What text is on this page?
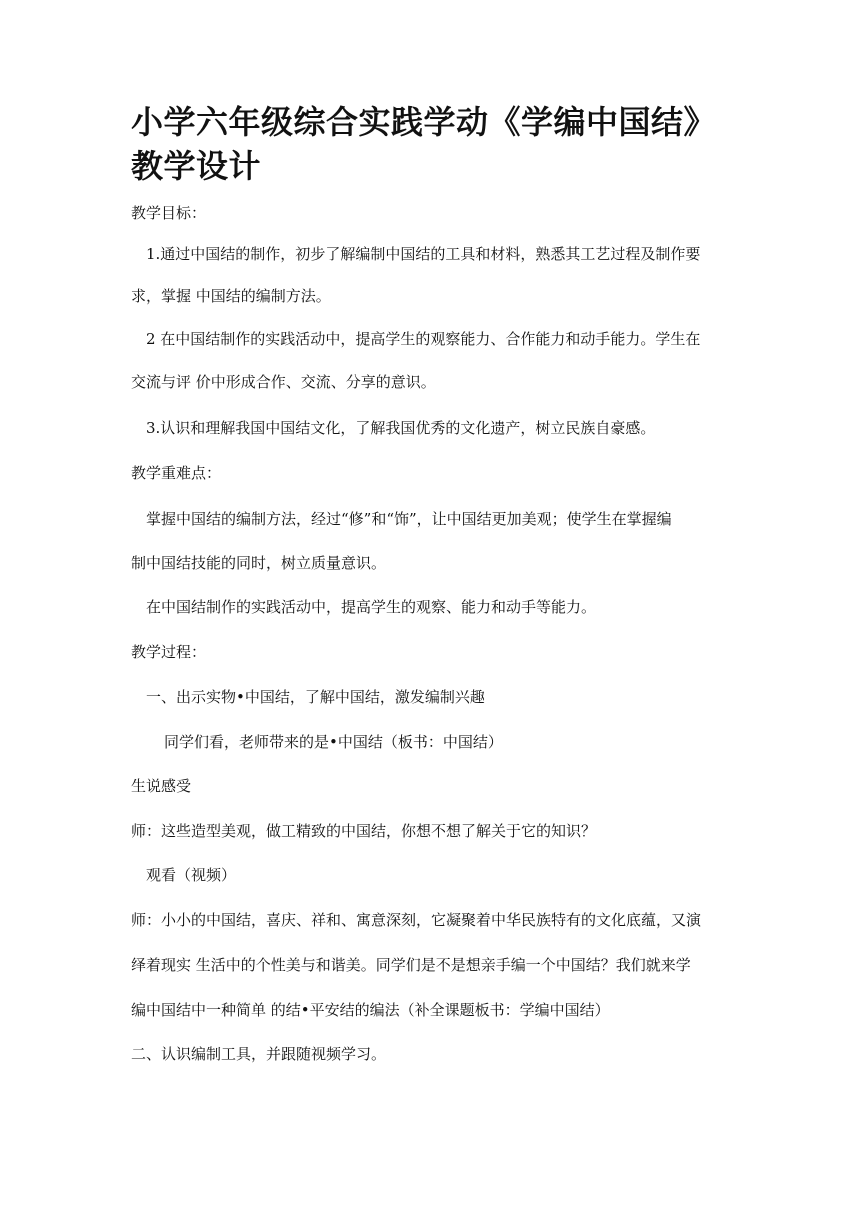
小学六年级综合实践学动《学编中国结》教学设计

教学目标：

1.通过中国结的制作，初步了解编制中国结的工具和材料，熟悉其工艺过程及制作要

求，掌握 中国结的编制方法。

2 在中国结制作的实践活动中，提高学生的观察能力、合作能力和动手能力。学生在

交流与评 价中形成合作、交流、分享的意识。

3.认识和理解我国中国结文化，了解我国优秀的文化遗产，树立民族自豪感。

教学重难点：

掌握中国结的编制方法，经过“修”和“饰”，让中国结更加美观；使学生在掌握编

制中国结技能的同时，树立质量意识。

在中国结制作的实践活动中，提高学生的观察、能力和动手等能力。

教学过程：

一、出示实物•中国结，了解中国结，激发编制兴趣

同学们看，老师带来的是•中国结（板书：中国结）

生说感受

师：这些造型美观，做工精致的中国结，你想不想了解关于它的知识？

观看（视频）

师：小小的中国结，喜庆、祥和、寓意深刻，它凝聚着中华民族特有的文化底蕴，又演

绎着现实 生活中的个性美与和谐美。同学们是不是想亲手编一个中国结？我们就来学

编中国结中一种简单 的结•平安结的编法（补全课题板书：学编中国结）

二、认识编制工具，并跟随视频学习。
